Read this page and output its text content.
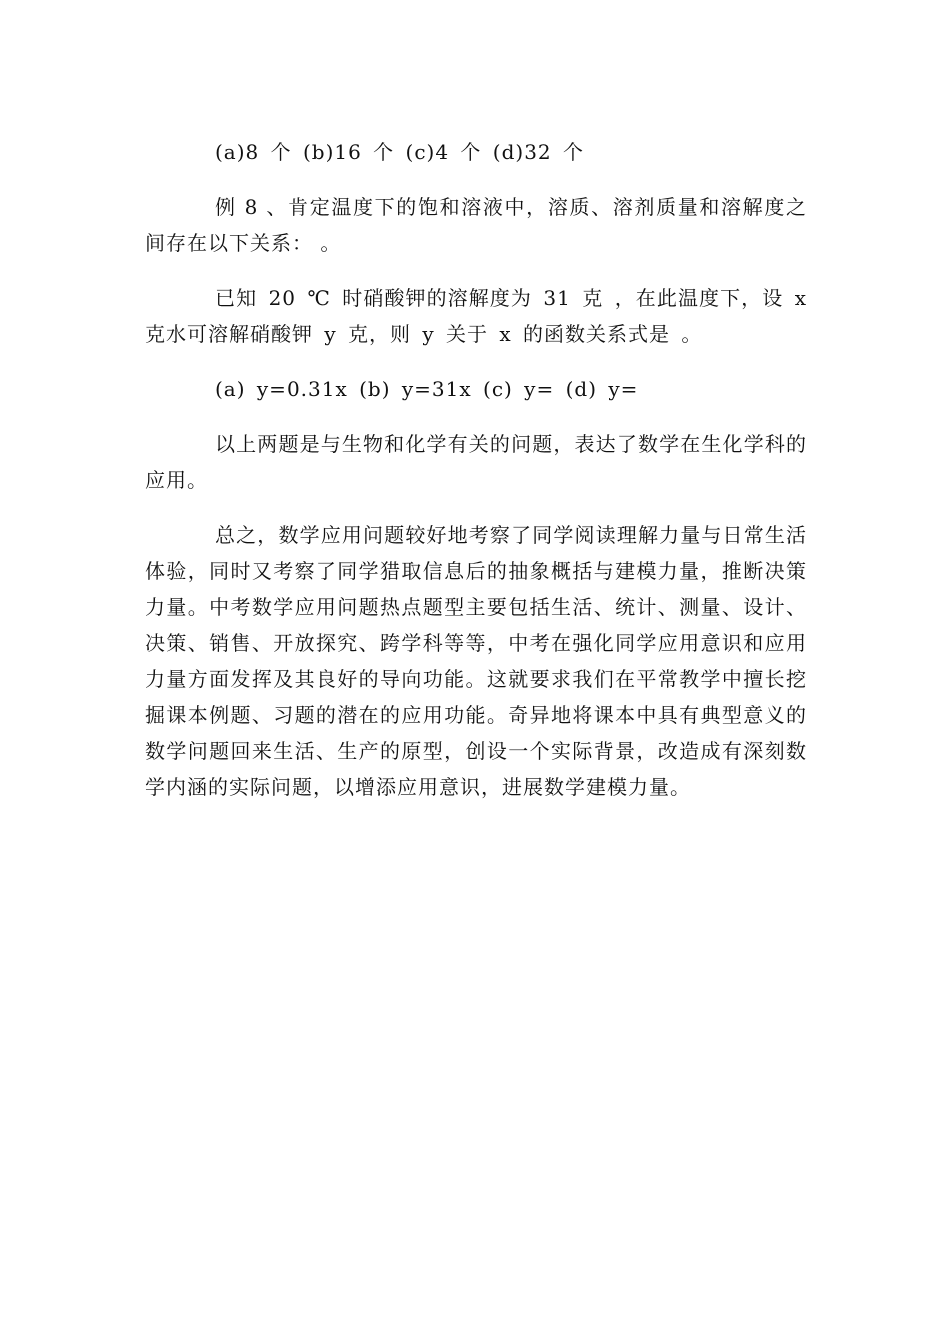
(a)8 个 (b)16 个 (c)4 个 (d)32 个

例 8 、肯定温度下的饱和溶液中，溶质、溶剂质量和溶解度之间存在以下关系： 。

已知 20 ℃ 时硝酸钾的溶解度为 31 克 ，在此温度下，设 x 克水可溶解硝酸钾 y 克，则 y 关于 x 的函数关系式是 。

(a) y=0.31x (b) y=31x (c) y= (d) y=

以上两题是与生物和化学有关的问题，表达了数学在生化学科的应用。

总之，数学应用问题较好地考察了同学阅读理解力量与日常生活体验，同时又考察了同学猎取信息后的抽象概括与建模力量，推断决策力量。中考数学应用问题热点题型主要包括生活、统计、测量、设计、决策、销售、开放探究、跨学科等等，中考在强化同学应用意识和应用力量方面发挥及其良好的导向功能。这就要求我们在平常教学中擅长挖掘课本例题、习题的潜在的应用功能。奇异地将课本中具有典型意义的数学问题回来生活、生产的原型，创设一个实际背景，改造成有深刻数学内涵的实际问题，以增添应用意识，进展数学建模力量。
